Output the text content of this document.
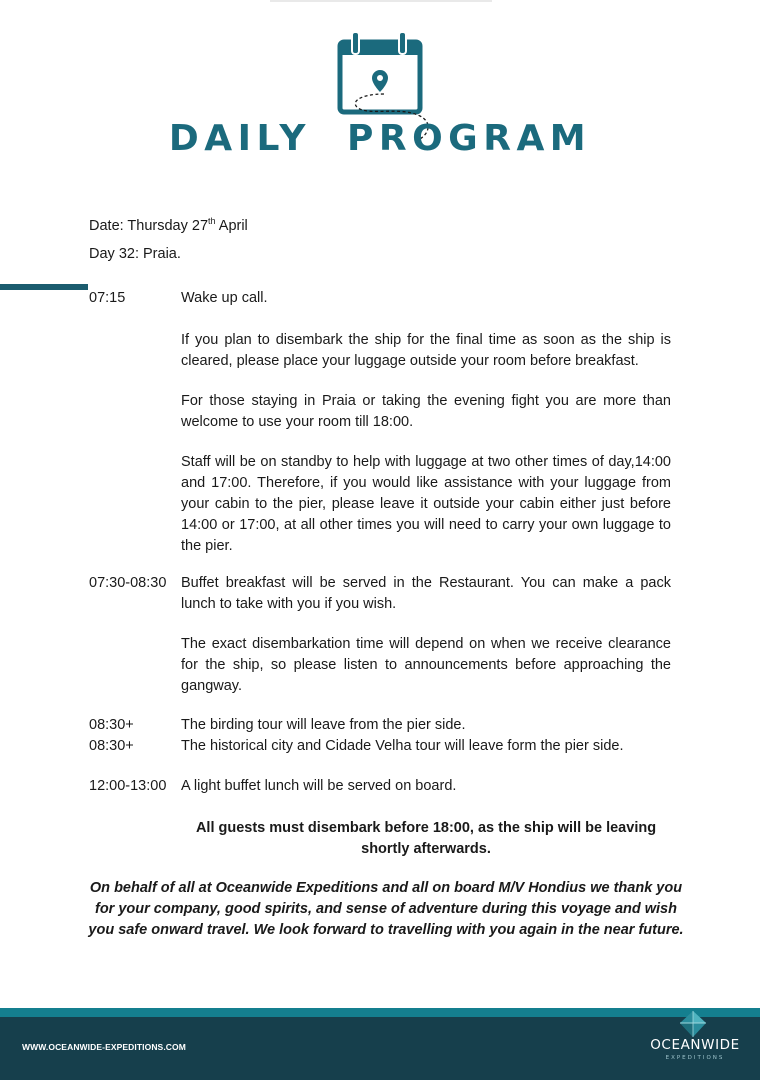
DAILY  PROGRAM
Date: Thursday 27th April
Day 32: Praia.
07:15	Wake up call.
If you plan to disembark the ship for the final time as soon as the ship is cleared, please place your luggage outside your room before breakfast.
For those staying in Praia or taking the evening fight you are more than welcome to use your room till 18:00.
Staff will be on standby to help with luggage at two other times of day,14:00 and 17:00. Therefore, if you would like assistance with your luggage from your cabin to the pier, please leave it outside your cabin either just before 14:00 or 17:00, at all other times you will need to carry your own luggage to the pier.
07:30-08:30 Buffet breakfast will be served in the Restaurant. You can make a pack lunch to take with you if you wish.
The exact disembarkation time will depend on when we receive clearance for the ship, so please listen to announcements before approaching the gangway.
08:30+	The birding tour will leave from the pier side.
08:30+	The historical city and Cidade Velha tour will leave form the pier side.
12:00-13:00 A light buffet lunch will be served on board.
All guests must disembark before 18:00, as the ship will be leaving shortly afterwards.
On behalf of all at Oceanwide Expeditions and all on board M/V Hondius we thank you for your company, good spirits, and sense of adventure during this voyage and wish you safe onward travel. We look forward to travelling with you again in the near future.
WWW.OCEANWIDE-EXPEDITIONS.COM	OCEANWIDE
EXPEDITIONS
